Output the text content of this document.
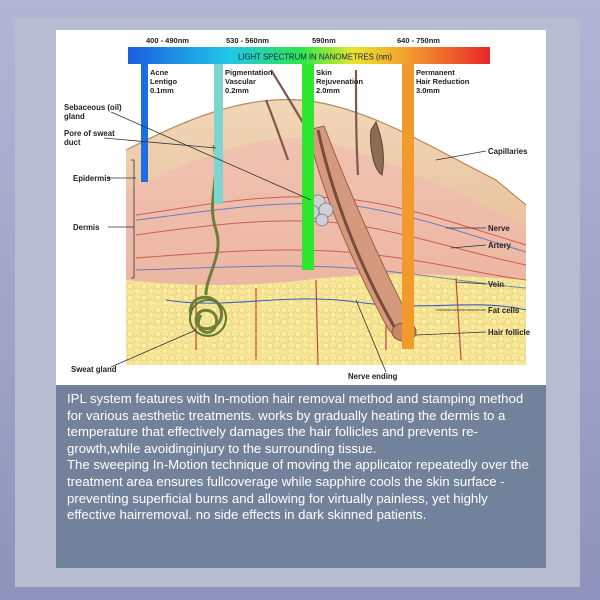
LIGHT SPECTRUM IN NANOMETRES (nm)
400 - 490nm	530 - 560nm	590nm	640 - 750nm
Acne Lentigo 0.1mm
Pigmentation Vascular 0.2mm
Skin Rejuvenation 2.0mm
Permanent Hair Reduction 3.0mm
Sebaceous (oil) gland
Pore of sweat duct
Epidermis
Dermis
Sweat gland
Capillaries
Nerve
Artery
Vein
Fat cells
Hair follicle
Nerve ending

IPL system features with In-motion hair removal method and stamping method for various aesthetic treatments. works by gradually heating the dermis to a temperature that effectively damages the hair follicles and prevents re-growth,while avoidinginjury to the surrounding tissue.

The sweeping In-Motion technique of moving the applicator repeatedly over the treatment area ensures fullcoverage while sapphire cools the skin surface -preventing superficial burns and allowing for virtually painless, yet highly effective hairremoval. no side effects in dark skinned patients.
